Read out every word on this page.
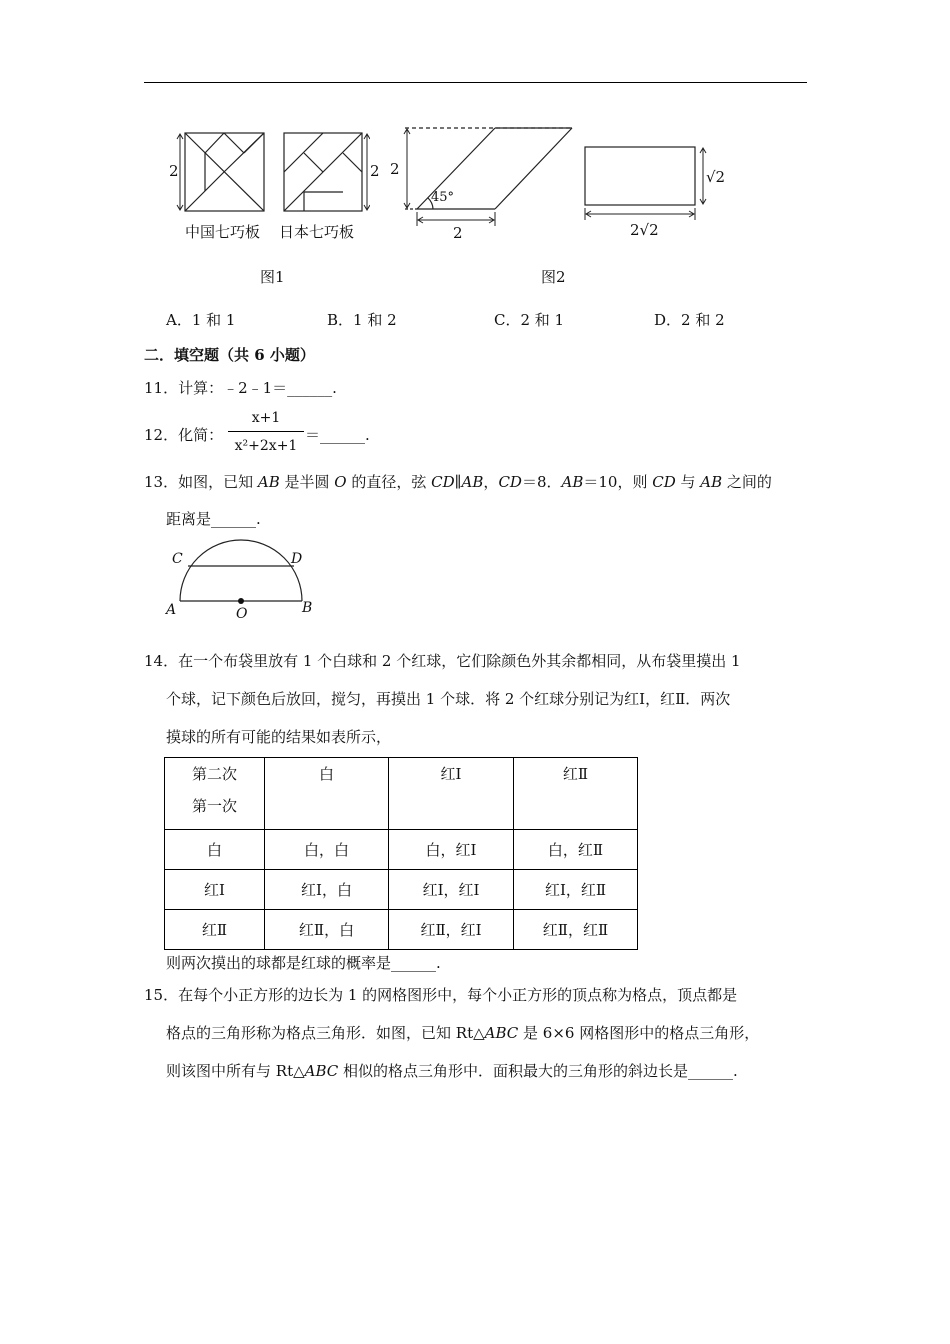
2	2
中国七巧板 日本七巧板
图1
2
45°
2
√2
2√2
图2
A．1 和 1	B．1 和 2	C．2 和 1	D．2 和 2
二．填空题（共 6 小题）
11．计算：﹣2﹣1＝______.
12．化简：
x+1
x²+2x+1
＝______.
13．如图，已知 AB 是半圆 O 的直径，弦 CD∥AB，CD＝8．AB＝10，则 CD 与 AB 之间的
距离是______.
C	D
A	B
O
14．在一个布袋里放有 1 个白球和 2 个红球，它们除颜色外其余都相同，从布袋里摸出 1
个球，记下颜色后放回，搅匀，再摸出 1 个球．将 2 个红球分别记为红Ⅰ，红Ⅱ．两次
摸球的所有可能的结果如表所示，
第二次
第一次	白	红Ⅰ	红Ⅱ

白	白，白	白，红Ⅰ	白，红Ⅱ
红Ⅰ	红Ⅰ，白	红Ⅰ，红Ⅰ	红Ⅰ，红Ⅱ
红Ⅱ	红Ⅱ，白	红Ⅱ，红Ⅰ	红Ⅱ，红Ⅱ
则两次摸出的球都是红球的概率是______.
15．在每个小正方形的边长为 1 的网格图形中，每个小正方形的顶点称为格点，顶点都是
格点的三角形称为格点三角形．如图，已知 Rt△ABC 是 6×6 网格图形中的格点三角形，
则该图中所有与 Rt△ABC 相似的格点三角形中．面积最大的三角形的斜边长是______.
